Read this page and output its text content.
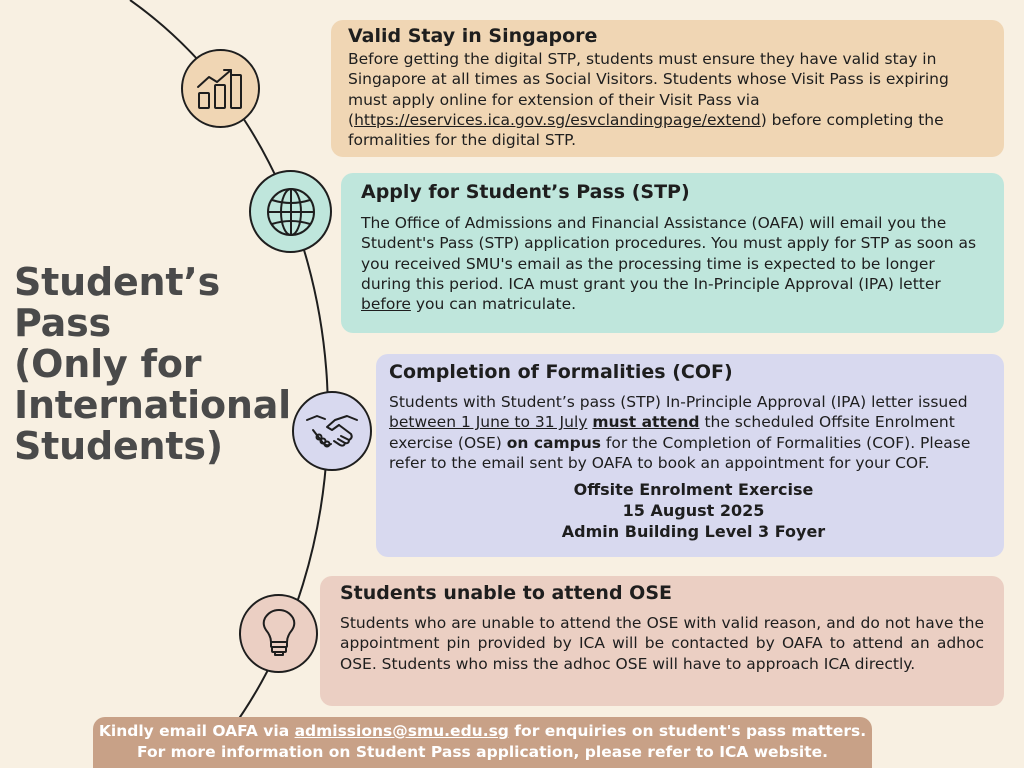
Student’s Pass
(Only for
International
Students)
Valid Stay in Singapore

Before getting the digital STP, students must ensure they have valid stay in Singapore at all times as Social Visitors. Students whose Visit Pass is expiring must apply online for extension of their Visit Pass via (https://eservices.ica.gov.sg/esvclandingpage/extend) before completing the formalities for the digital STP.

Apply for Student’s Pass (STP)

The Office of Admissions and Financial Assistance (OAFA) will email you the Student's Pass (STP) application procedures. You must apply for STP as soon as you received SMU's email as the processing time is expected to be longer during this period. ICA must grant you the In-Principle Approval (IPA) letter before you can matriculate.

Completion of Formalities (COF)

Students with Student’s pass (STP) In-Principle Approval (IPA) letter issued between 1 June to 31 July must attend the scheduled Offsite Enrolment exercise (OSE) on campus for the Completion of Formalities (COF). Please refer to the email sent by OAFA to book an appointment for your COF.

Offsite Enrolment Exercise
15 August 2025
Admin Building Level 3 Foyer
Students unable to attend OSE

Students who are unable to attend the OSE with valid reason, and do not have the appointment pin provided by ICA will be contacted by OAFA to attend an adhoc OSE. Students who miss the adhoc OSE will have to approach ICA directly.

Kindly email OAFA via admissions@smu.edu.sg for enquiries on student's pass matters.
For more information on Student Pass application, please refer to ICA website.
